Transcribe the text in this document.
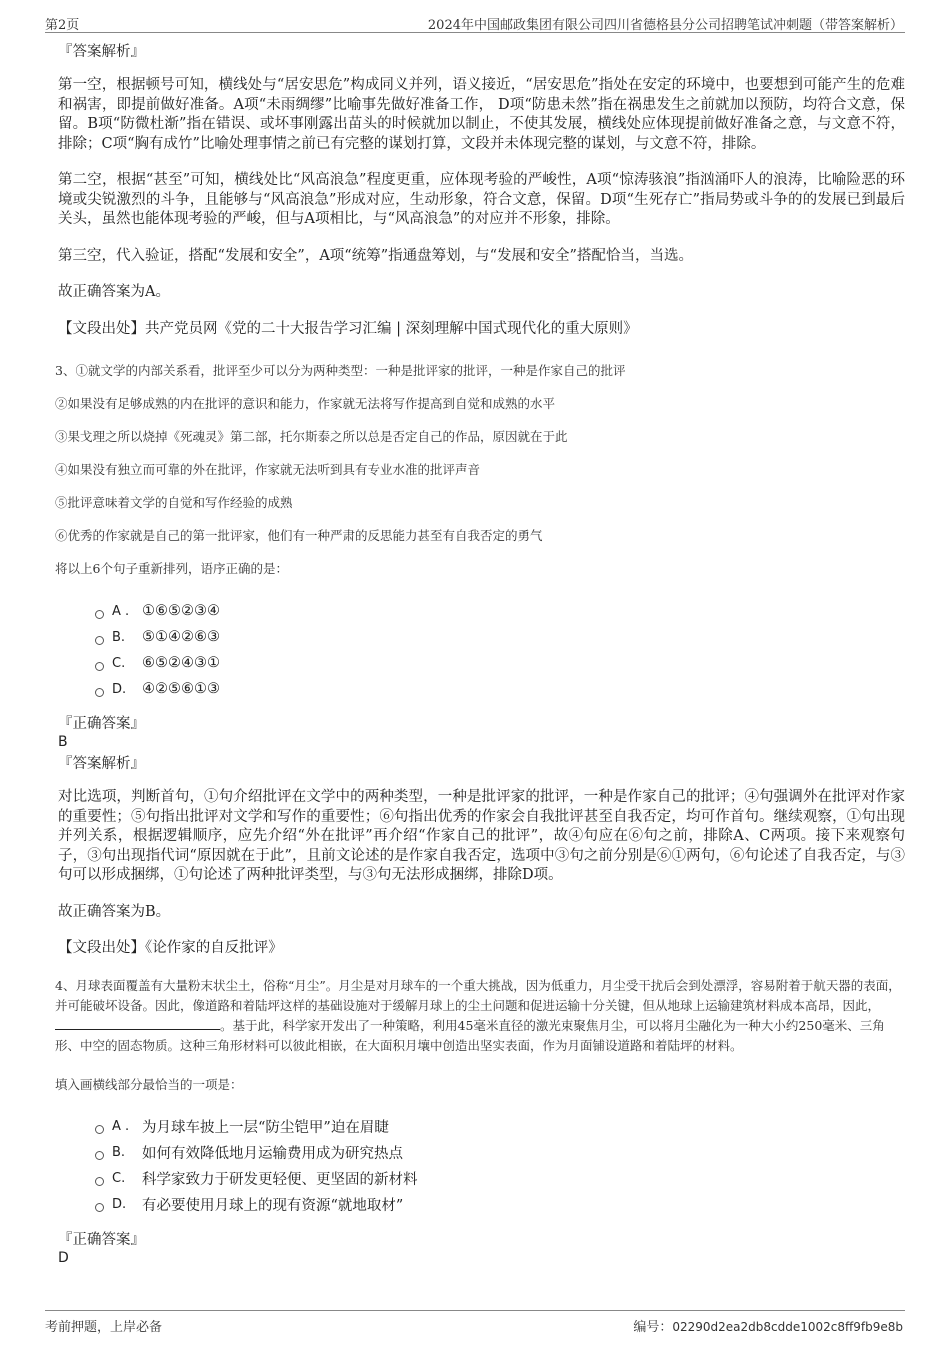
第2页	2024年中国邮政集团有限公司四川省德格县分公司招聘笔试冲刺题（带答案解析）
『答案解析』

第一空，根据顿号可知，横线处与“居安思危”构成同义并列，语义接近，“居安思危”指处在安定的环境中，也要想到可能产生的危难和祸害，即提前做好准备。A项“未雨绸缪”比喻事先做好准备工作， D项“防患未然”指在祸患发生之前就加以预防，均符合文意，保留。B项“防微杜渐”指在错误、或坏事刚露出苗头的时候就加以制止，不使其发展，横线处应体现提前做好准备之意，与文意不符，排除；C项“胸有成竹”比喻处理事情之前已有完整的谋划打算，文段并未体现完整的谋划，与文意不符，排除。

第二空，根据“甚至”可知，横线处比“风高浪急”程度更重，应体现考验的严峻性，A项“惊涛骇浪”指汹涌吓人的浪涛，比喻险恶的环境或尖锐激烈的斗争，且能够与“风高浪急”形成对应，生动形象，符合文意，保留。D项“生死存亡”指局势或斗争的的发展已到最后关头，虽然也能体现考验的严峻，但与A项相比，与“风高浪急”的对应并不形象，排除。

第三空，代入验证，搭配“发展和安全”，A项“统筹”指通盘筹划，与“发展和安全”搭配恰当，当选。

故正确答案为A。

【文段出处】共产党员网《党的二十大报告学习汇编 | 深刻理解中国式现代化的重大原则》

3、①就文学的内部关系看，批评至少可以分为两种类型：一种是批评家的批评，一种是作家自己的批评

②如果没有足够成熟的内在批评的意识和能力，作家就无法将写作提高到自觉和成熟的水平

③果戈理之所以烧掉《死魂灵》第二部，托尔斯泰之所以总是否定自己的作品，原因就在于此

④如果没有独立而可靠的外在批评，作家就无法听到具有专业水准的批评声音

⑤批评意味着文学的自觉和写作经验的成熟

⑥优秀的作家就是自己的第一批评家，他们有一种严肃的反思能力甚至有自我否定的勇气

将以上6个句子重新排列，语序正确的是：

A . ①⑥⑤②③④
B.	⑤①④②⑥③
C.	⑥⑤②④③①
D.	④②⑤⑥①③
『正确答案』
B
『答案解析』

对比选项，判断首句，①句介绍批评在文学中的两种类型，一种是批评家的批评，一种是作家自己的批评；④句强调外在批评对作家的重要性；⑤句指出批评对文学和写作的重要性；⑥句指出优秀的作家会自我批评甚至自我否定，均可作首句。继续观察，①句出现并列关系，根据逻辑顺序，应先介绍“外在批评”再介绍“作家自己的批评”，故④句应在⑥句之前，排除A、C两项。接下来观察句子，③句出现指代词“原因就在于此”，且前文论述的是作家自我否定，选项中③句之前分别是⑥①两句，⑥句论述了自我否定，与③句可以形成捆绑，①句论述了两种批评类型，与③句无法形成捆绑，排除D项。

故正确答案为B。

【文段出处】《论作家的自反批评》

4、月球表面覆盖有大量粉末状尘土，俗称“月尘”。月尘是对月球车的一个重大挑战，因为低重力，月尘受干扰后会到处漂浮，容易附着于航天器的表面，并可能破坏设备。因此，像道路和着陆坪这样的基础设施对于缓解月球上的尘土问题和促进运输十分关键，但从地球上运输建筑材料成本高昂，因此，。基于此，科学家开发出了一种策略，利用45毫米直径的激光束聚焦月尘，可以将月尘融化为一种大小约250毫米、三角形、中空的固态物质。这种三角形材料可以彼此相嵌，在大面积月壤中创造出坚实表面，作为月面铺设道路和着陆坪的材料。

填入画横线部分最恰当的一项是：

A . 为月球车披上一层“防尘铠甲”迫在眉睫
B.	如何有效降低地月运输费用成为研究热点
C.	科学家致力于研发更轻便、更坚固的新材料
D.	有必要使用月球上的现有资源“就地取材”
『正确答案』
D
考前押题，上岸必备	编号：02290d2ea2db8cdde1002c8ff9fb9e8b
